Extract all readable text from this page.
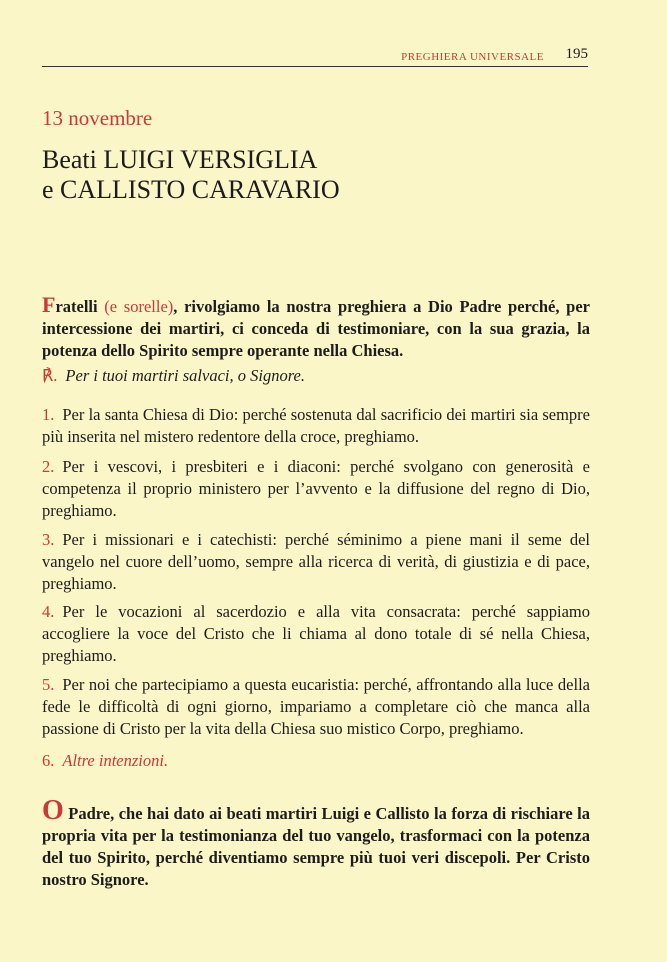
PREGHIERA UNIVERSALE 195
13 novembre
Beati LUIGI VERSIGLIA
e CALLISTO CARAVARIO
Fratelli (e sorelle), rivolgiamo la nostra preghiera a Dio Padre perché, per intercessione dei martiri, ci conceda di testimoniare, con la sua grazia, la potenza dello Spirito sempre operante nella Chiesa.
℟. Per i tuoi martiri salvaci, o Signore.
1. Per la santa Chiesa di Dio: perché sostenuta dal sacrificio dei martiri sia sempre più inserita nel mistero redentore della croce, preghiamo.
2. Per i vescovi, i presbiteri e i diaconi: perché svolgano con generosità e competenza il proprio ministero per l’avvento e la diffusione del regno di Dio, preghiamo.
3. Per i missionari e i catechisti: perché séminimo a piene mani il seme del vangelo nel cuore dell’uomo, sempre alla ricerca di verità, di giustizia e di pace, preghiamo.
4. Per le vocazioni al sacerdozio e alla vita consacrata: perché sappiamo accogliere la voce del Cristo che li chiama al dono totale di sé nella Chiesa, preghiamo.
5. Per noi che partecipiamo a questa eucaristia: perché, affrontando alla luce della fede le difficoltà di ogni giorno, impariamo a completare ciò che manca alla passione di Cristo per la vita della Chiesa suo mistico Corpo, preghiamo.
6. Altre intenzioni.
O Padre, che hai dato ai beati martiri Luigi e Callisto la forza di rischiare la propria vita per la testimonianza del tuo vangelo, trasformaci con la potenza del tuo Spirito, perché diventiamo sempre più tuoi veri discepoli. Per Cristo nostro Signore.
